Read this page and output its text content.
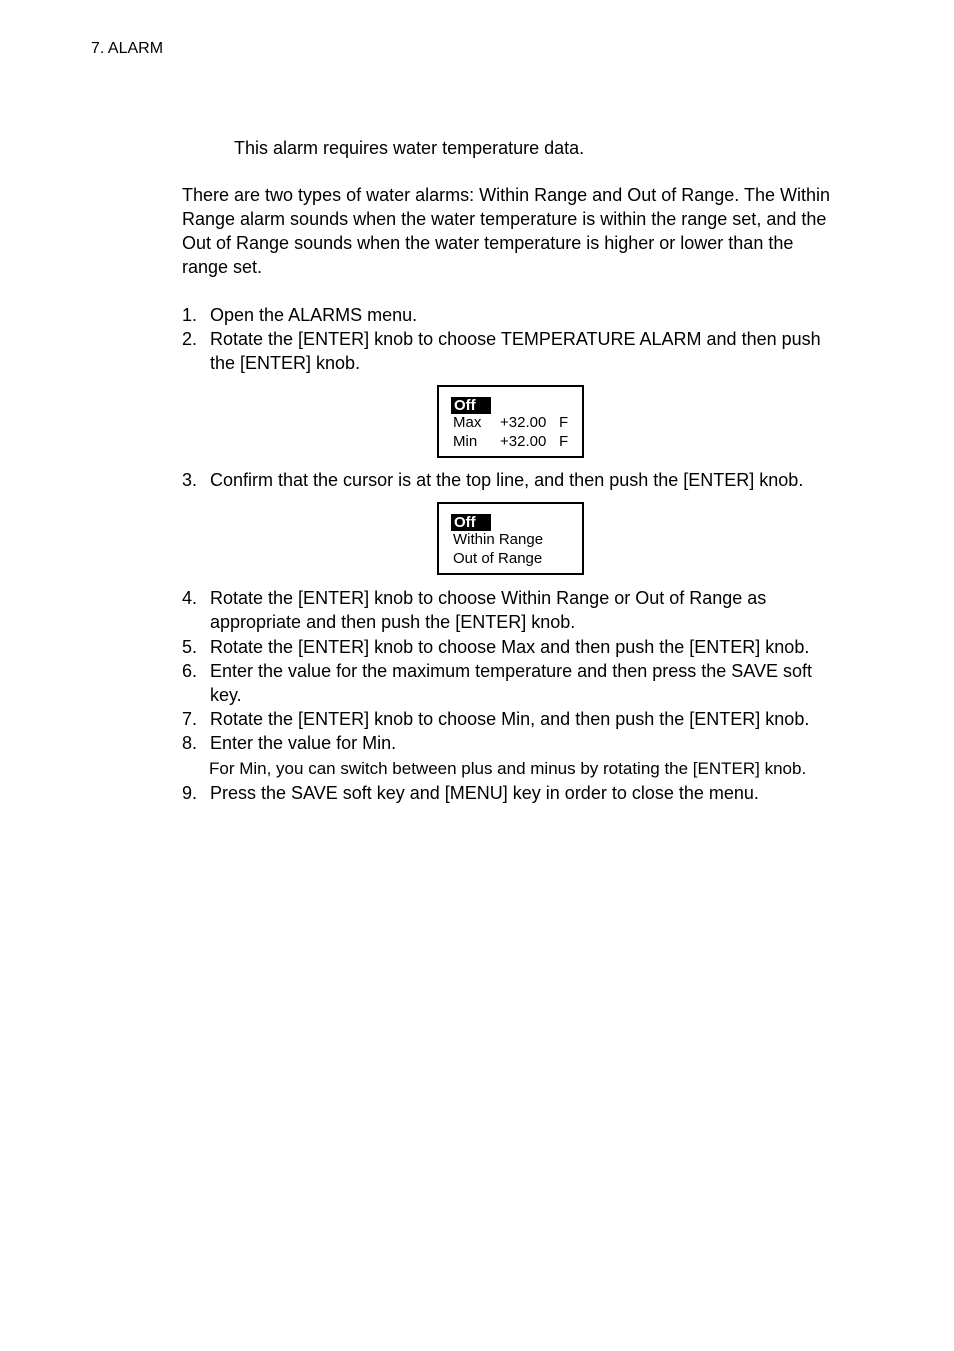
7. ALARM
This alarm requires water temperature data.
There are two types of water alarms: Within Range and Out of Range. The Within Range alarm sounds when the water temperature is within the range set, and the Out of Range sounds when the water temperature is higher or lower than the range set.
1. Open the ALARMS menu.
2. Rotate the [ENTER] knob to choose TEMPERATURE ALARM and then push the [ENTER] knob.
Off
Max +32.00 F
Min +32.00 F
3. Confirm that the cursor is at the top line, and then push the [ENTER] knob.
Off
Within Range
Out of Range
4. Rotate the [ENTER] knob to choose Within Range or Out of Range as appropriate and then push the [ENTER] knob.
5. Rotate the [ENTER] knob to choose Max and then push the [ENTER] knob.
6. Enter the value for the maximum temperature and then press the SAVE soft key.
7. Rotate the [ENTER] knob to choose Min, and then push the [ENTER] knob.
8. Enter the value for Min.
For Min, you can switch between plus and minus by rotating the [ENTER] knob.
9. Press the SAVE soft key and [MENU] key in order to close the menu.
